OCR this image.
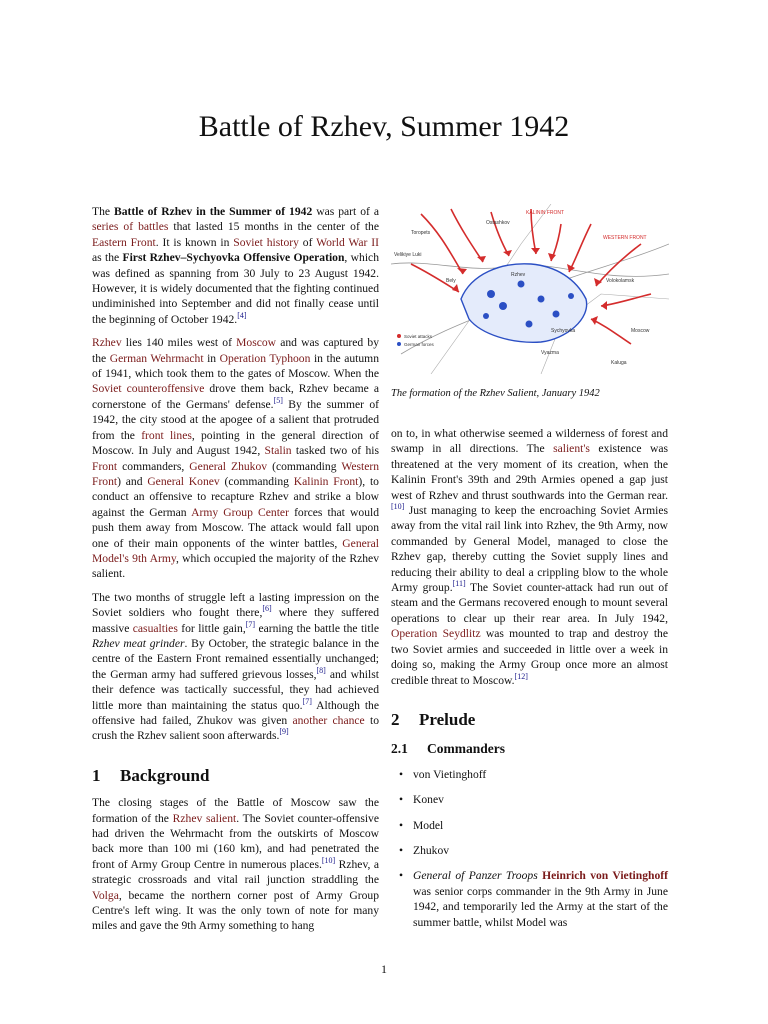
Battle of Rzhev, Summer 1942

The Battle of Rzhev in the Summer of 1942 was part of a series of battles that lasted 15 months in the center of the Eastern Front. It is known in Soviet history of World War II as the First Rzhev–Sychyovka Offensive Operation, which was defined as spanning from 30 July to 23 August 1942. However, it is widely documented that the fighting continued undiminished into September and did not finally cease until the beginning of October 1942.[4]

Rzhev lies 140 miles west of Moscow and was captured by the German Wehrmacht in Operation Typhoon in the autumn of 1941, which took them to the gates of Moscow. When the Soviet counteroffensive drove them back, Rzhev became a cornerstone of the Germans' defense.[5] By the summer of 1942, the city stood at the apogee of a salient that protruded from the front lines, pointing in the general direction of Moscow. In July and August 1942, Stalin tasked two of his Front commanders, General Zhukov (commanding Western Front) and General Konev (commanding Kalinin Front), to conduct an offensive to recapture Rzhev and strike a blow against the German Army Group Center forces that would push them away from Moscow. The attack would fall upon one of their main opponents of the winter battles, General Model's 9th Army, which occupied the majority of the Rzhev salient.

The two months of struggle left a lasting impression on the Soviet soldiers who fought there,[6] where they suffered massive casualties for little gain,[7] earning the battle the title Rzhev meat grinder. By October, the strategic balance in the centre of the Eastern Front remained essentially unchanged; the German army had suffered grievous losses,[8] and whilst their defence was tactically successful, they had achieved little more than maintaining the status quo.[7] Although the offensive had failed, Zhukov was given another chance to crush the Rzhev salient soon afterwards.[9]

1 Background

The closing stages of the Battle of Moscow saw the formation of the Rzhev salient. The Soviet counter-offensive had driven the Wehrmacht from the outskirts of Moscow back more than 100 mi (160 km), and had penetrated the front of Army Group Centre in numerous places.[10] Rzhev, a strategic crossroads and vital rail junction straddling the Volga, became the northern corner post of Army Group Centre's left wing. It was the only town of note for many miles and gave the 9th Army something to hang

KALININ FRONT
WESTERN FRONT
Rzhev
Vyazma
Moscow
Sychyovka
Bely
Toropets
Ostashkov
Velikiye Luki
Kaluga
Volokolamsk
Soviet attacks
German forces
The formation of the Rzhev Salient, January 1942

on to, in what otherwise seemed a wilderness of forest and swamp in all directions. The salient's existence was threatened at the very moment of its creation, when the Kalinin Front's 39th and 29th Armies opened a gap just west of Rzhev and thrust southwards into the German rear.[10] Just managing to keep the encroaching Soviet Armies away from the vital rail link into Rzhev, the 9th Army, now commanded by General Model, managed to close the Rzhev gap, thereby cutting the Soviet supply lines and reducing their ability to deal a crippling blow to the whole Army group.[11] The Soviet counter-attack had run out of steam and the Germans recovered enough to mount several operations to clear up their rear area. In July 1942, Operation Seydlitz was mounted to trap and destroy the two Soviet armies and succeeded in little over a week in doing so, making the Army Group once more an almost credible threat to Moscow.[12]

2 Prelude
2.1 Commanders
• von Vietinghoff
• Konev
• Model
• Zhukov

• General of Panzer Troops Heinrich von Vietinghoff was senior corps commander in the 9th Army in June 1942, and temporarily led the Army at the start of the summer battle, whilst Model was

1
